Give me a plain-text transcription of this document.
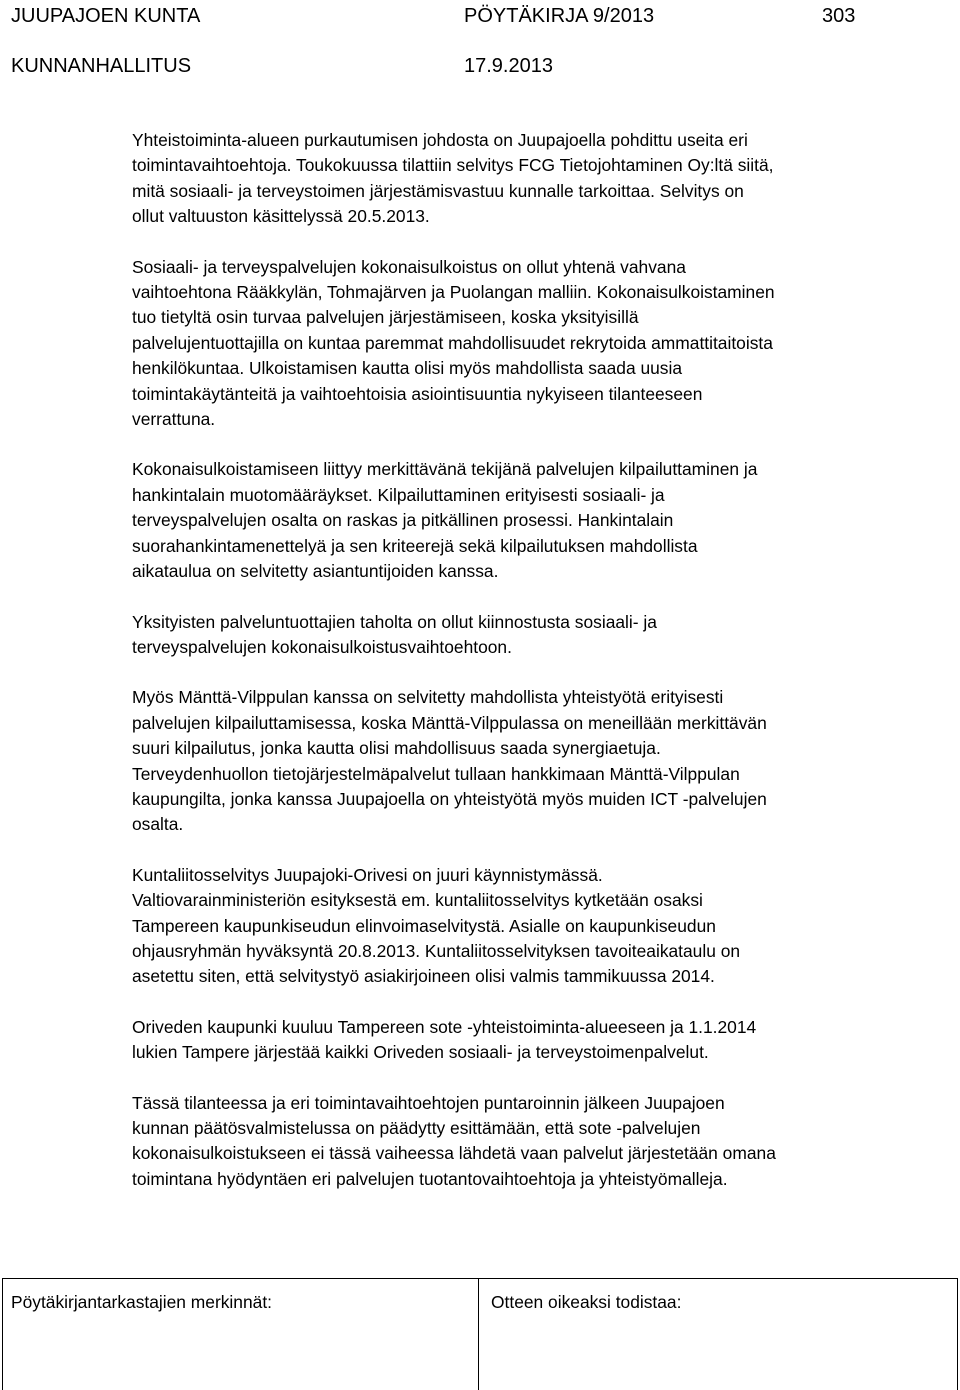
JUUPAJOEN KUNTA	PÖYTÄKIRJA 9/2013	303
KUNNANHALLITUS	17.9.2013

Yhteistoiminta-alueen purkautumisen johdosta on Juupajoella pohdittu useita eri
toimintavaihtoehtoja. Toukokuussa tilattiin selvitys FCG Tietojohtaminen Oy:ltä siitä,
mitä sosiaali- ja terveystoimen järjestämisvastuu kunnalle tarkoittaa. Selvitys on
ollut valtuuston käsittelyssä 20.5.2013.

Sosiaali- ja terveyspalvelujen kokonaisulkoistus on ollut yhtenä vahvana
vaihtoehtona Rääkkylän, Tohmajärven ja Puolangan malliin. Kokonaisulkoistaminen
tuo tietyltä osin turvaa palvelujen järjestämiseen, koska yksityisillä
palvelujentuottajilla on kuntaa paremmat mahdollisuudet rekrytoida ammattitaitoista
henkilökuntaa. Ulkoistamisen kautta olisi myös mahdollista saada uusia
toimintakäytänteitä ja vaihtoehtoisia asiointisuuntia nykyiseen tilanteeseen
verrattuna.

Kokonaisulkoistamiseen liittyy merkittävänä tekijänä palvelujen kilpailuttaminen ja
hankintalain muotomääräykset. Kilpailuttaminen erityisesti sosiaali- ja
terveyspalvelujen osalta on raskas ja pitkällinen prosessi. Hankintalain
suorahankintamenettelyä ja sen kriteerejä sekä kilpailutuksen mahdollista
aikataulua on selvitetty asiantuntijoiden kanssa.

Yksityisten palveluntuottajien taholta on ollut kiinnostusta sosiaali- ja
terveyspalvelujen kokonaisulkoistusvaihtoehtoon.

Myös Mänttä-Vilppulan kanssa on selvitetty mahdollista yhteistyötä erityisesti
palvelujen kilpailuttamisessa, koska Mänttä-Vilppulassa on meneillään merkittävän
suuri kilpailutus, jonka kautta olisi mahdollisuus saada synergiaetuja.
Terveydenhuollon tietojärjestelmäpalvelut tullaan hankkimaan Mänttä-Vilppulan
kaupungilta, jonka kanssa Juupajoella on yhteistyötä myös muiden ICT -palvelujen
osalta.

Kuntaliitosselvitys Juupajoki-Orivesi on juuri käynnistymässä.
Valtiovarainministeriön esityksestä em. kuntaliitosselvitys kytketään osaksi
Tampereen kaupunkiseudun elinvoimaselvitystä. Asialle on kaupunkiseudun
ohjausryhmän hyväksyntä 20.8.2013. Kuntaliitosselvityksen tavoiteaikataulu on
asetettu siten, että selvitystyö asiakirjoineen olisi valmis tammikuussa 2014.

Oriveden kaupunki kuuluu Tampereen sote -yhteistoiminta-alueeseen ja 1.1.2014
lukien Tampere järjestää kaikki Oriveden sosiaali- ja terveystoimenpalvelut.

Tässä tilanteessa ja eri toimintavaihtoehtojen puntaroinnin jälkeen Juupajoen
kunnan päätösvalmistelussa on päädytty esittämään, että sote -palvelujen
kokonaisulkoistukseen ei tässä vaiheessa lähdetä vaan palvelut järjestetään omana
toimintana hyödyntäen eri palvelujen tuotantovaihtoehtoja ja yhteistyömalleja.

Pöytäkirjantarkastajien merkinnät:	Otteen oikeaksi todistaa:
